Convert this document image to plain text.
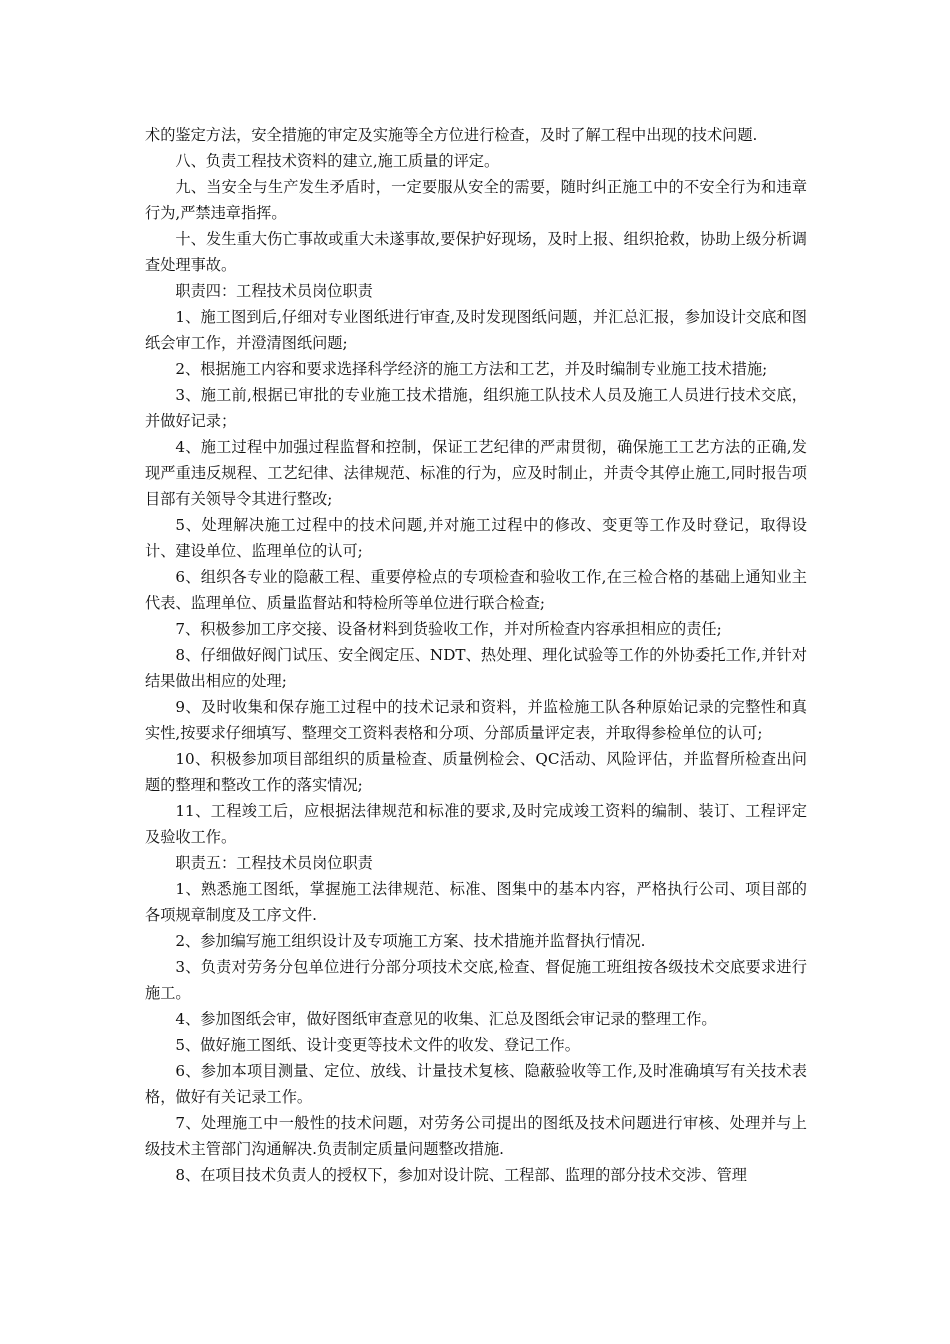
术的鉴定方法，安全措施的审定及实施等全方位进行检查，及时了解工程中出现的技术问题.

八、负责工程技术资料的建立,施工质量的评定。

九、当安全与生产发生矛盾时，一定要服从安全的需要，随时纠正施工中的不安全行为和违章行为,严禁违章指挥。

十、发生重大伤亡事故或重大未遂事故,要保护好现场，及时上报、组织抢救，协助上级分析调查处理事故。

职责四：工程技术员岗位职责

1、施工图到后,仔细对专业图纸进行审查,及时发现图纸问题，并汇总汇报，参加设计交底和图纸会审工作，并澄清图纸问题;

2、根据施工内容和要求选择科学经济的施工方法和工艺，并及时编制专业施工技术措施;

3、施工前,根据已审批的专业施工技术措施，组织施工队技术人员及施工人员进行技术交底，并做好记录；

4、施工过程中加强过程监督和控制，保证工艺纪律的严肃贯彻，确保施工工艺方法的正确,发现严重违反规程、工艺纪律、法律规范、标准的行为，应及时制止，并责令其停止施工,同时报告项目部有关领导令其进行整改;

5、处理解决施工过程中的技术问题,并对施工过程中的修改、变更等工作及时登记，取得设计、建设单位、监理单位的认可;

6、组织各专业的隐蔽工程、重要停检点的专项检查和验收工作,在三检合格的基础上通知业主代表、监理单位、质量监督站和特检所等单位进行联合检查;

7、积极参加工序交接、设备材料到货验收工作，并对所检查内容承担相应的责任;

8、仔细做好阀门试压、安全阀定压、NDT、热处理、理化试验等工作的外协委托工作,并针对结果做出相应的处理;

9、及时收集和保存施工过程中的技术记录和资料，并监检施工队各种原始记录的完整性和真实性,按要求仔细填写、整理交工资料表格和分项、分部质量评定表，并取得参检单位的认可;

10、积极参加项目部组织的质量检查、质量例检会、QC活动、风险评估，并监督所检查出问题的整理和整改工作的落实情况;

11、工程竣工后，应根据法律规范和标准的要求,及时完成竣工资料的编制、装订、工程评定及验收工作。

职责五：工程技术员岗位职责

1、熟悉施工图纸，掌握施工法律规范、标准、图集中的基本内容，严格执行公司、项目部的各项规章制度及工序文件.

2、参加编写施工组织设计及专项施工方案、技术措施并监督执行情况.

3、负责对劳务分包单位进行分部分项技术交底,检查、督促施工班组按各级技术交底要求进行施工。

4、参加图纸会审，做好图纸审查意见的收集、汇总及图纸会审记录的整理工作。

5、做好施工图纸、设计变更等技术文件的收发、登记工作。

6、参加本项目测量、定位、放线、计量技术复核、隐蔽验收等工作,及时准确填写有关技术表格，做好有关记录工作。

7、处理施工中一般性的技术问题，对劳务公司提出的图纸及技术问题进行审核、处理并与上级技术主管部门沟通解决.负责制定质量问题整改措施.

8、在项目技术负责人的授权下，参加对设计院、工程部、监理的部分技术交涉、管理
